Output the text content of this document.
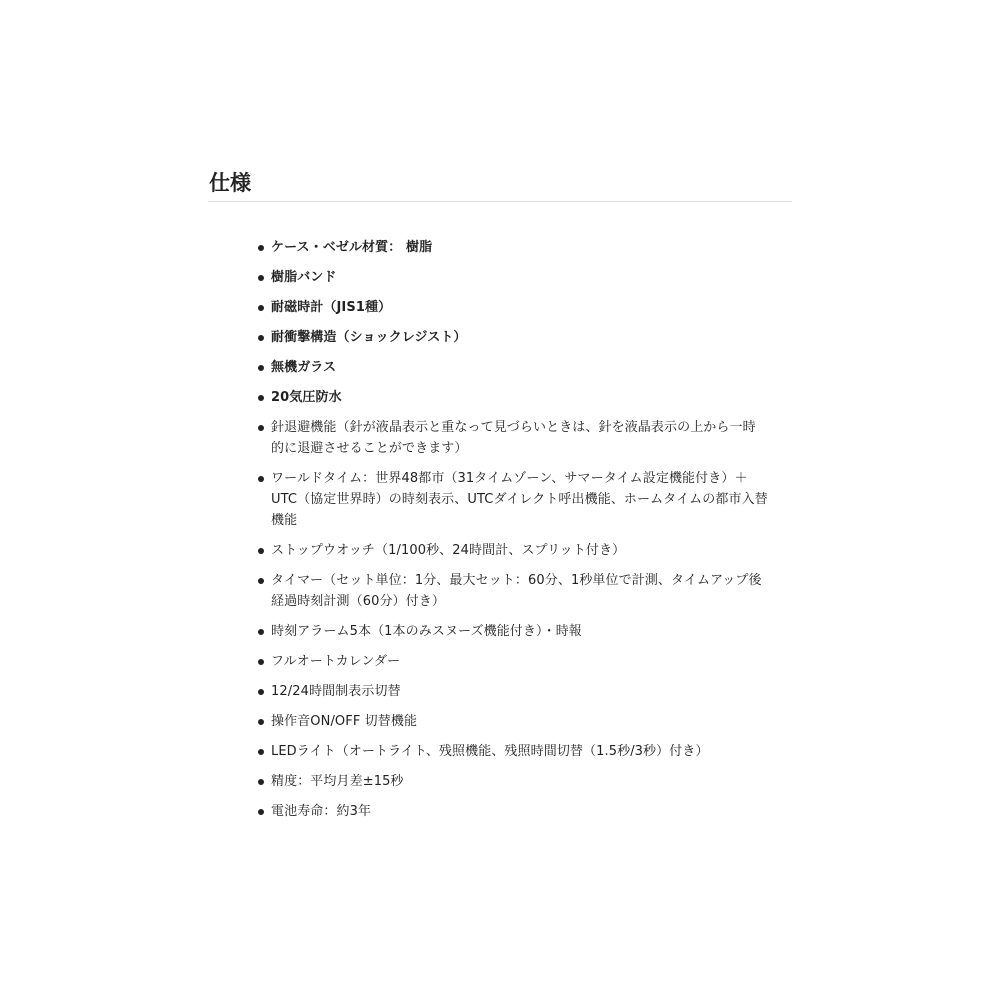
仕様
ケース・ベゼル材質： 樹脂
樹脂バンド
耐磁時計（JIS1種）
耐衝撃構造（ショックレジスト）
無機ガラス
20気圧防水
針退避機能（針が液晶表示と重なって見づらいときは、針を液晶表示の上から一時的に退避させることができます）
ワールドタイム：世界48都市（31タイムゾーン、サマータイム設定機能付き）＋UTC（協定世界時）の時刻表示、UTCダイレクト呼出機能、ホームタイムの都市入替機能
ストップウオッチ（1/100秒、24時間計、スプリット付き）
タイマー（セット単位：1分、最大セット：60分、1秒単位で計測、タイムアップ後経過時刻計測（60分）付き）
時刻アラーム5本（1本のみスヌーズ機能付き）・時報
フルオートカレンダー
12/24時間制表示切替
操作音ON/OFF 切替機能
LEDライト（オートライト、残照機能、残照時間切替（1.5秒/3秒）付き）
精度：平均月差±15秒
電池寿命：約3年
